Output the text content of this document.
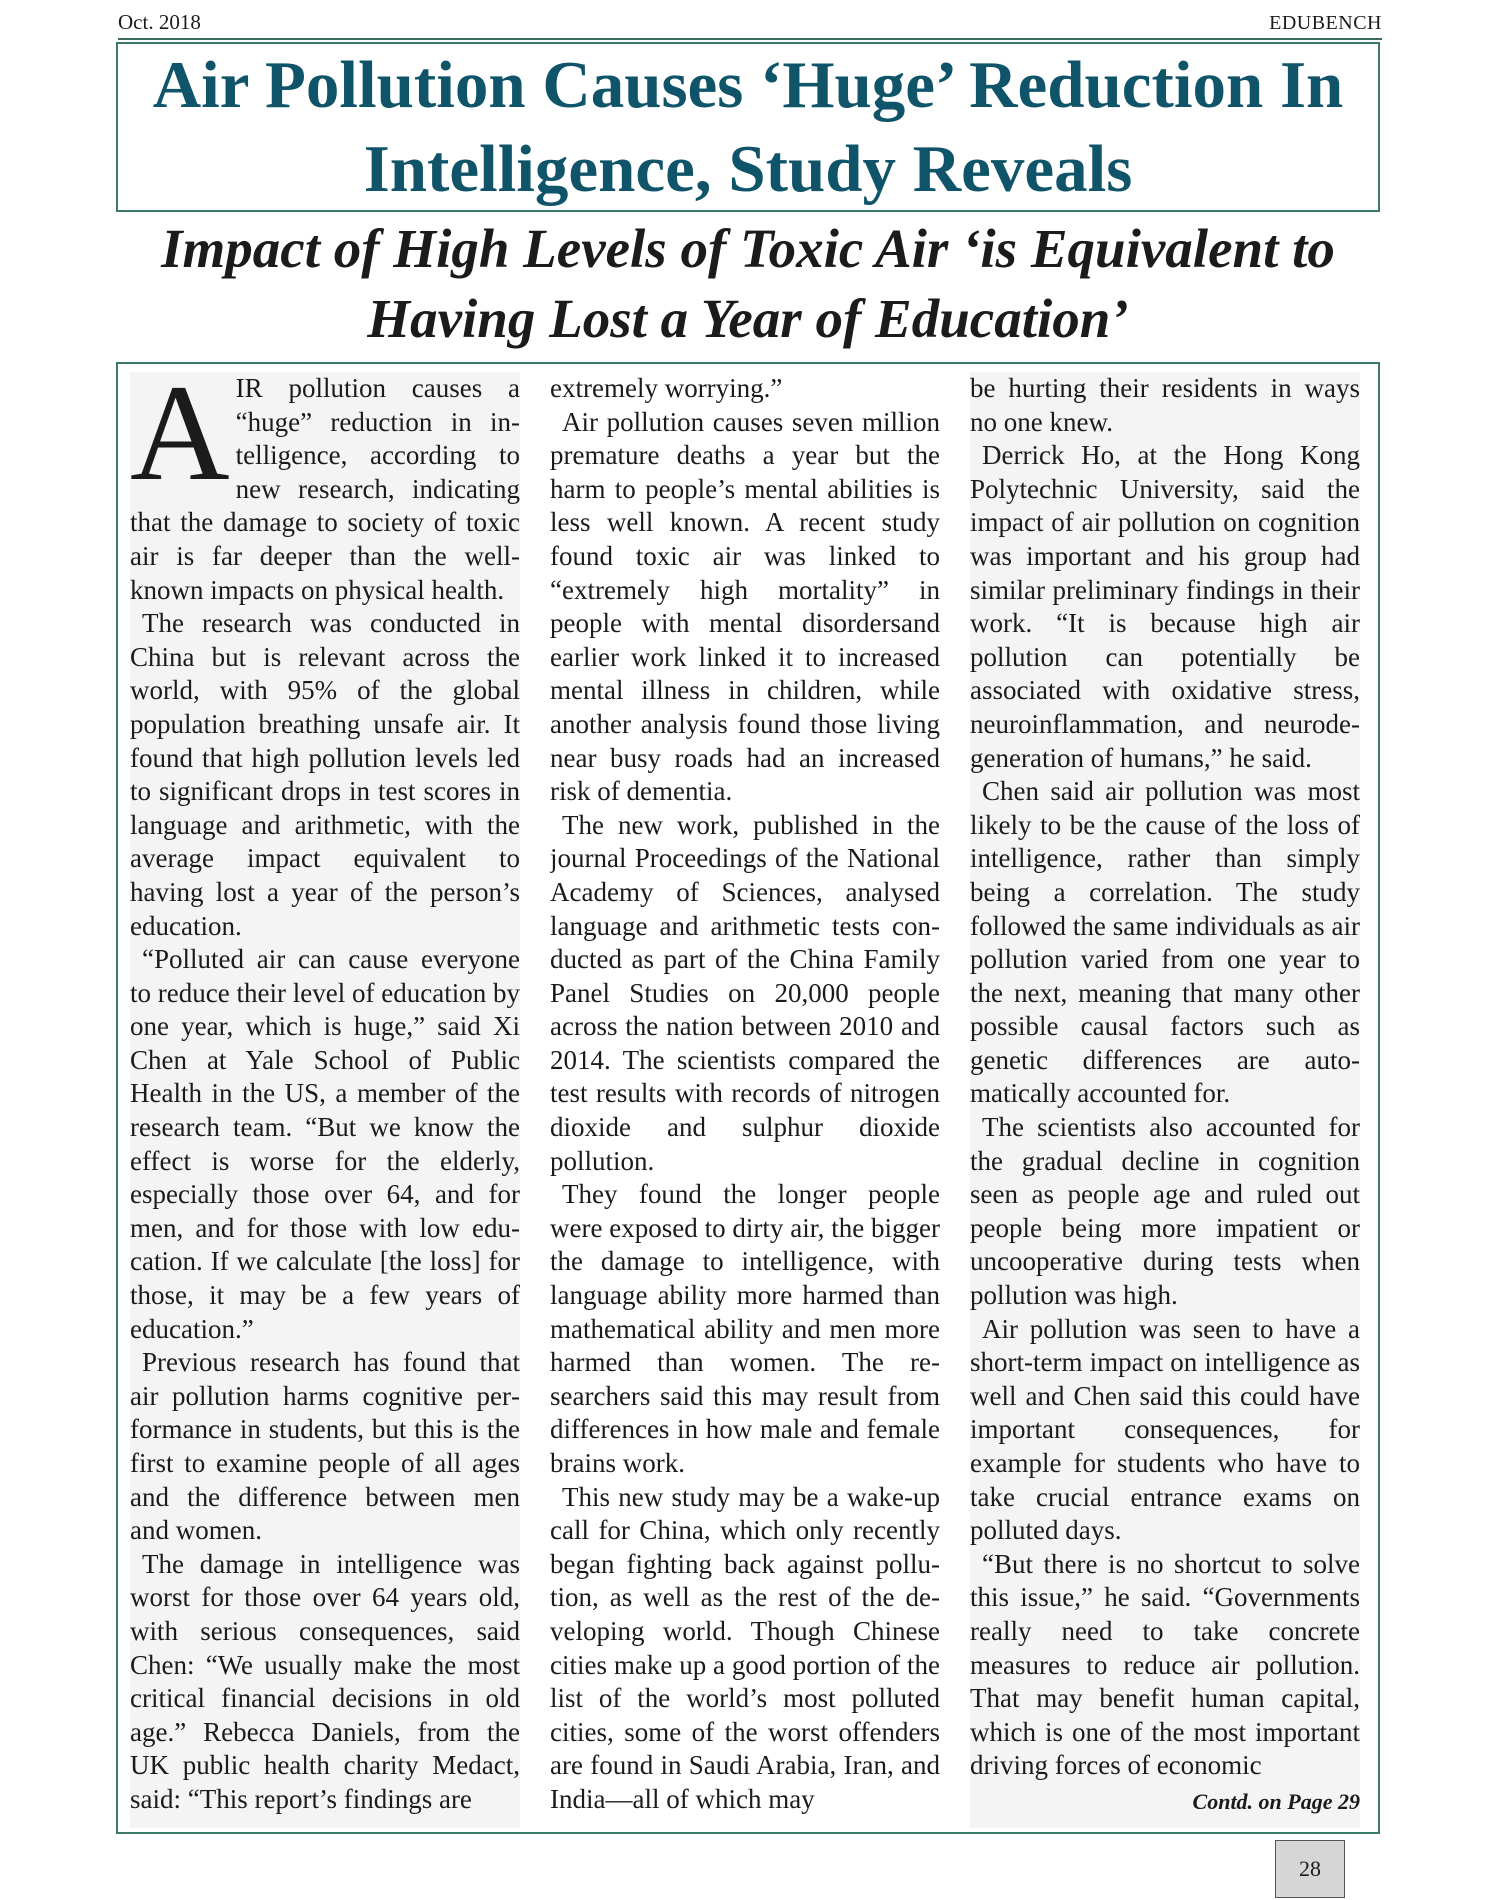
Oct. 2018	EDUBENCH
Air Pollution Causes ‘Huge’ Reduction In Intelligence, Study Reveals
Impact of High Levels of Toxic Air ‘is Equivalent to Having Lost a Year of Education’

AIR pollution causes a “huge” reduction in intelligence, according to new research, indicating that the damage to society of toxic air is far deeper than the well-known impacts on physical health.

The research was conducted in China but is relevant across the world, with 95% of the global population breathing unsafe air. It found that high pollution levels led to significant drops in test scores in language and arithmetic, with the average impact equivalent to having lost a year of the person’s education.

“Polluted air can cause everyone to reduce their level of education by one year, which is huge,” said Xi Chen at Yale School of Public Health in the US, a member of the research team. “But we know the effect is worse for the elderly, especially those over 64, and for men, and for those with low education. If we calculate [the loss] for those, it may be a few years of education.”

Previous research has found that air pollution harms cognitive performance in students, but this is the first to examine people of all ages and the difference between men and women.

The damage in intelligence was worst for those over 64 years old, with serious consequences, said Chen: “We usually make the most critical financial decisions in old age.” Rebecca Daniels, from the UK public health charity Medact, said: “This report’s findings are

extremely worrying.”

Air pollution causes seven million premature deaths a year but the harm to people’s mental abilities is less well known. A recent study found toxic air was linked to “extremely high mortality” in people with mental disordersand earlier work linked it to increased mental illness in children, while another analysis found those living near busy roads had an increased risk of dementia.

The new work, published in the journal Proceedings of the National Academy of Sciences, analysed language and arithmetic tests conducted as part of the China Family Panel Studies on 20,000 people across the nation between 2010 and 2014. The scientists compared the test results with records of nitrogen dioxide and sulphur dioxide pollution.

They found the longer people were exposed to dirty air, the bigger the damage to intelligence, with language ability more harmed than mathematical ability and men more harmed than women. The researchers said this may result from differences in how male and female brains work.

This new study may be a wake-up call for China, which only recently began fighting back against pollution, as well as the rest of the developing world. Though Chinese cities make up a good portion of the list of the world’s most polluted cities, some of the worst offenders are found in Saudi Arabia, Iran, and India—all of which may

be hurting their residents in ways no one knew.

Derrick Ho, at the Hong Kong Polytechnic University, said the impact of air pollution on cognition was important and his group had similar preliminary findings in their work. “It is because high air pollution can potentially be associated with oxidative stress, neuroinflammation, and neurodegeneration of humans,” he said.

Chen said air pollution was most likely to be the cause of the loss of intelligence, rather than simply being a correlation. The study followed the same individuals as air pollution varied from one year to the next, meaning that many other possible causal factors such as genetic differences are automatically accounted for.

The scientists also accounted for the gradual decline in cognition seen as people age and ruled out people being more impatient or uncooperative during tests when pollution was high.

Air pollution was seen to have a short-term impact on intelligence as well and Chen said this could have important consequences, for example for students who have to take crucial entrance exams on polluted days.

“But there is no shortcut to solve this issue,” he said. “Governments really need to take concrete measures to reduce air pollution. That may benefit human capital, which is one of the most important driving forces of economic

Contd. on Page 29
28
